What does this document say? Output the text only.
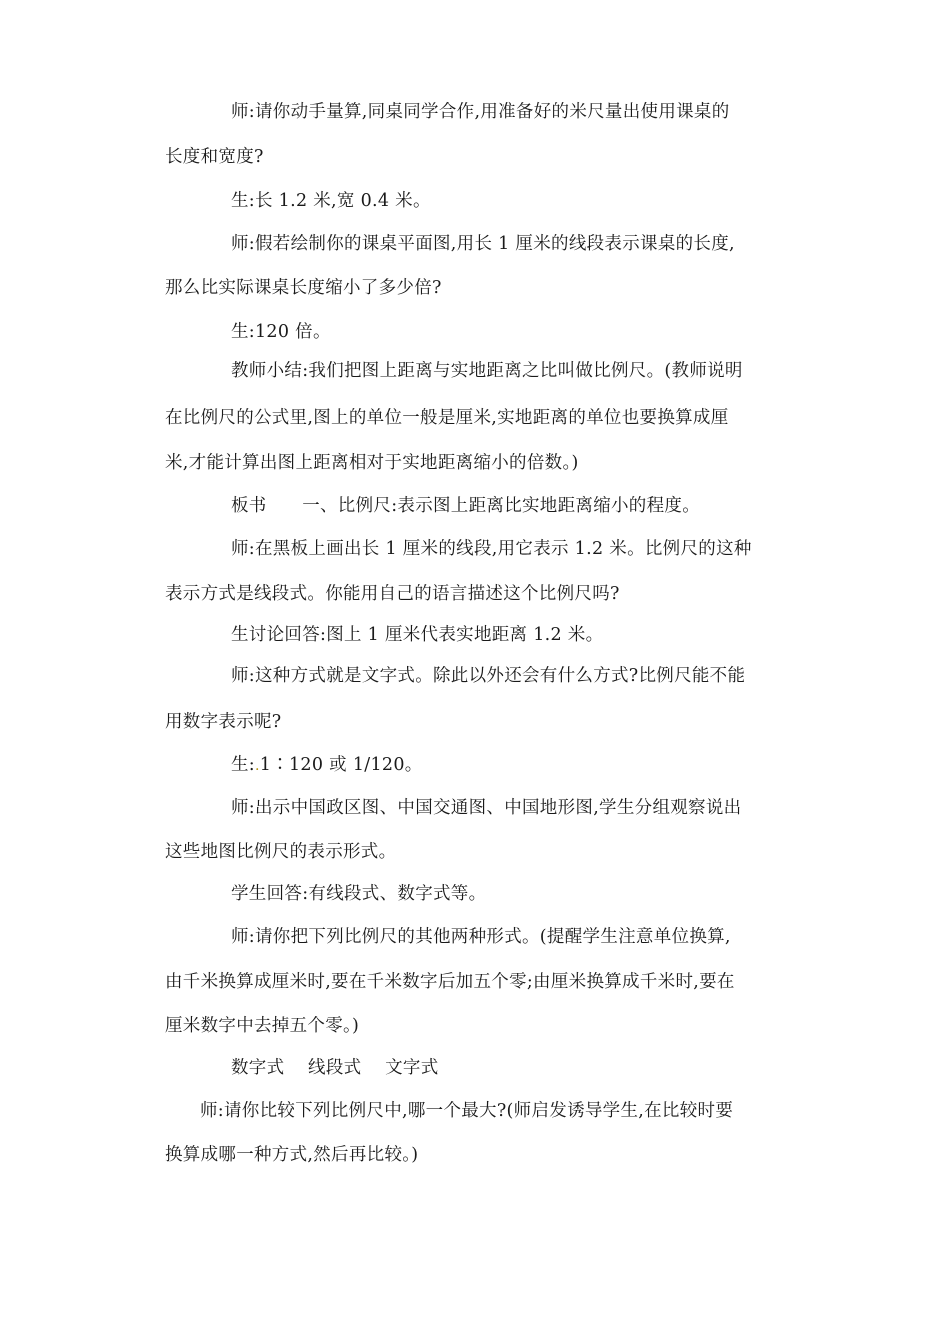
师:请你动手量算,同桌同学合作,用准备好的米尺量出使用课桌的
长度和宽度?
生:长 1.2 米,宽 0.4 米。
师:假若绘制你的课桌平面图,用长 1 厘米的线段表示课桌的长度,
那么比实际课桌长度缩小了多少倍?
生:120 倍。
教师小结:我们把图上距离与实地距离之比叫做比例尺。(教师说明
在比例尺的公式里,图上的单位一般是厘米,实地距离的单位也要换算成厘
米,才能计算出图上距离相对于实地距离缩小的倍数。)
板书　　一、比例尺:表示图上距离比实地距离缩小的程度。
师:在黑板上画出长 1 厘米的线段,用它表示 1.2 米。比例尺的这种
表示方式是线段式。你能用自己的语言描述这个比例尺吗?
生讨论回答:图上 1 厘米代表实地距离 1.2 米。
师:这种方式就是文字式。除此以外还会有什么方式?比例尺能不能
用数字表示呢?
生:.1∶120 或 1/120。
师:出示中国政区图、中国交通图、中国地形图,学生分组观察说出
这些地图比例尺的表示形式。
学生回答:有线段式、数字式等。
师:请你把下列比例尺的其他两种形式。(提醒学生注意单位换算,
由千米换算成厘米时,要在千米数字后加五个零;由厘米换算成千米时,要在
厘米数字中去掉五个零。)
数字式　 线段式　 文字式
师:请你比较下列比例尺中,哪一个最大?(师启发诱导学生,在比较时要
换算成哪一种方式,然后再比较。)
